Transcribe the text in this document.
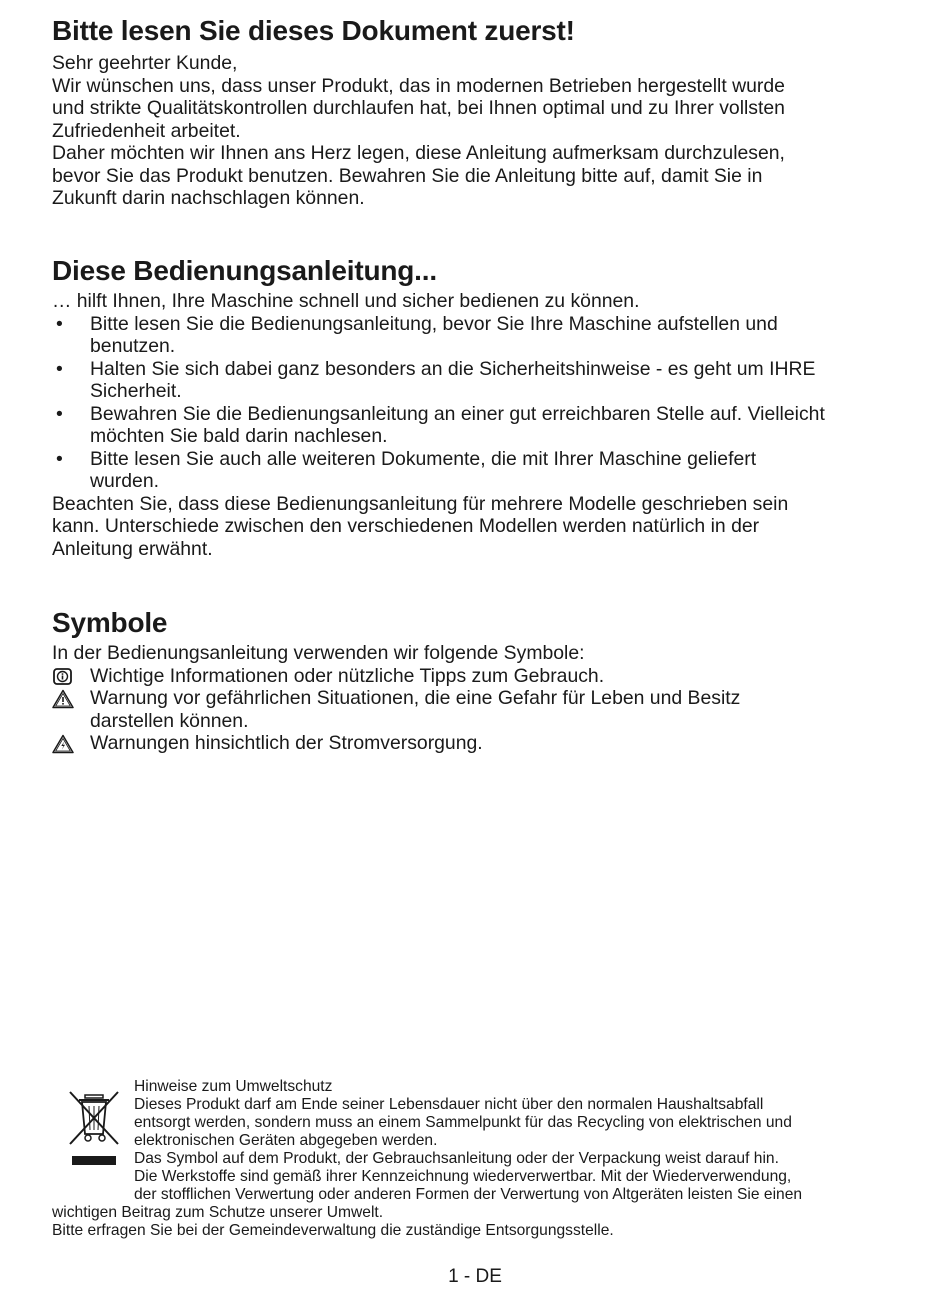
Bitte lesen Sie dieses Dokument zuerst!

Sehr geehrter Kunde,

Wir wünschen uns, dass unser Produkt, das in modernen Betrieben hergestellt wurde

und strikte Qualitätskontrollen durchlaufen hat, bei Ihnen optimal und zu Ihrer vollsten

Zufriedenheit arbeitet.

Daher möchten wir Ihnen ans Herz legen, diese Anleitung aufmerksam durchzulesen,

bevor Sie das Produkt benutzen. Bewahren Sie die Anleitung bitte auf, damit Sie in

Zukunft darin nachschlagen können.

Diese Bedienungsanleitung...

… hilft Ihnen, Ihre Maschine schnell und sicher bedienen zu können.

• Bitte lesen Sie die Bedienungsanleitung, bevor Sie Ihre Maschine aufstellen und
benutzen.
• Halten Sie sich dabei ganz besonders an die Sicherheitshinweise - es geht um IHRE
Sicherheit.
• Bewahren Sie die Bedienungsanleitung an einer gut erreichbaren Stelle auf. Vielleicht
möchten Sie bald darin nachlesen.
• Bitte lesen Sie auch alle weiteren Dokumente, die mit Ihrer Maschine geliefert
wurden.

Beachten Sie, dass diese Bedienungsanleitung für mehrere Modelle geschrieben sein

kann. Unterschiede zwischen den verschiedenen Modellen werden natürlich in der

Anleitung erwähnt.

Symbole

In der Bedienungsanleitung verwenden wir folgende Symbole:

Wichtige Informationen oder nützliche Tipps zum Gebrauch.
Warnung vor gefährlichen Situationen, die eine Gefahr für Leben und Besitz
darstellen können.
Warnungen hinsichtlich der Stromversorgung.

Hinweise zum Umweltschutz

Dieses Produkt darf am Ende seiner Lebensdauer nicht über den normalen Haushaltsabfall

entsorgt werden, sondern muss an einem Sammelpunkt für das Recycling von elektrischen und

elektronischen Geräten abgegeben werden.

Das Symbol auf dem Produkt, der Gebrauchsanleitung oder der Verpackung weist darauf hin.

Die Werkstoffe sind gemäß ihrer Kennzeichnung wiederverwertbar. Mit der Wiederverwendung,

der stofflichen Verwertung oder anderen Formen der Verwertung von Altgeräten leisten Sie einen

wichtigen Beitrag zum Schutze unserer Umwelt.

Bitte erfragen Sie bei der Gemeindeverwaltung die zuständige Entsorgungsstelle.

1 - DE
